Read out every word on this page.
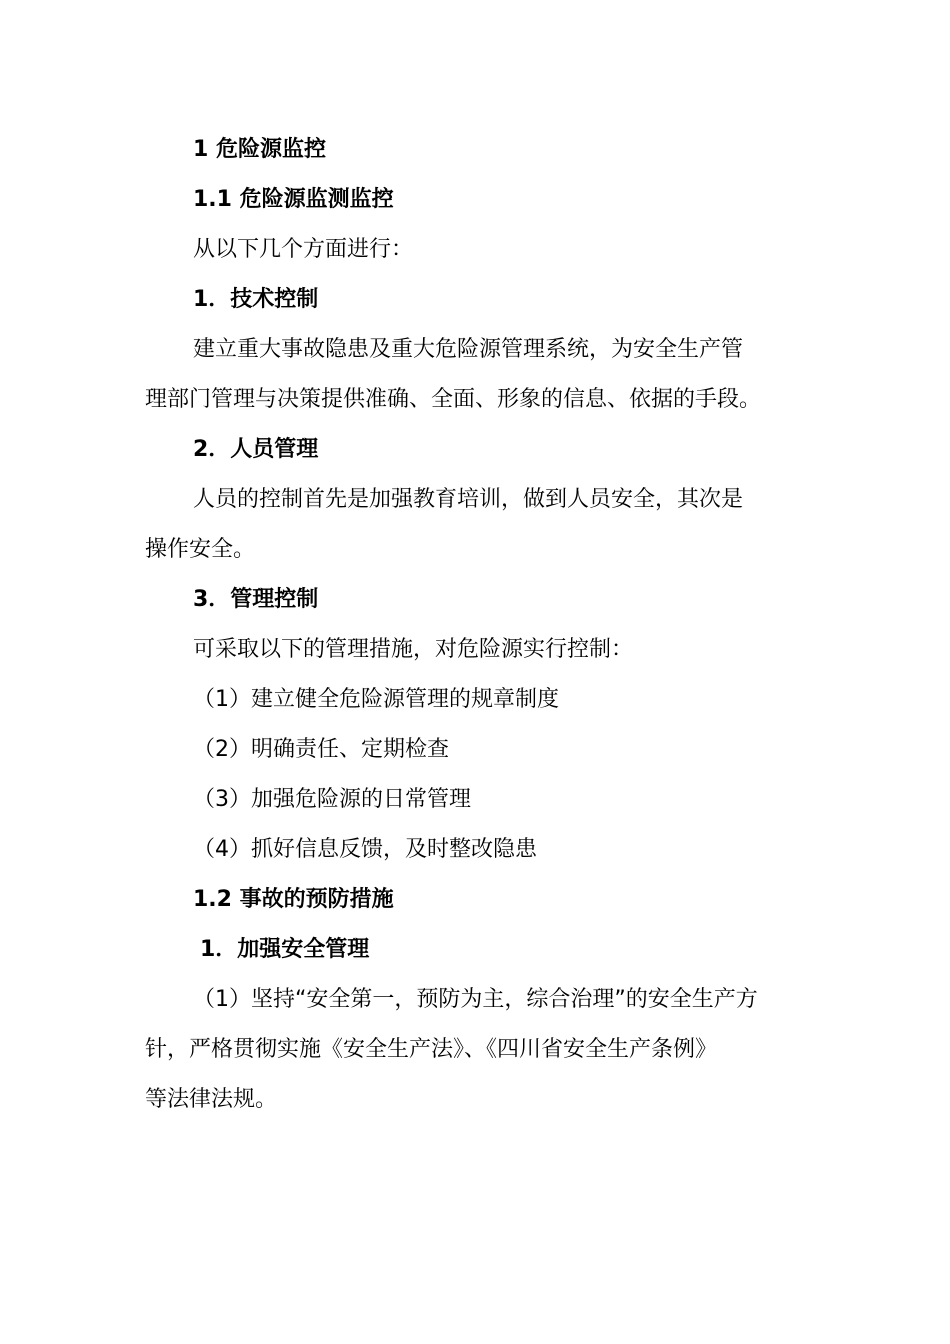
1 危险源监控
1.1 危险源监测监控
从以下几个方面进行：
1．技术控制
建立重大事故隐患及重大危险源管理系统，为安全生产管
理部门管理与决策提供准确、全面、形象的信息、依据的手段。
2．人员管理
人员的控制首先是加强教育培训，做到人员安全，其次是
操作安全。
3．管理控制
可采取以下的管理措施，对危险源实行控制：
（1）建立健全危险源管理的规章制度
（2）明确责任、定期检查
（3）加强危险源的日常管理
（4）抓好信息反馈，及时整改隐患
1.2 事故的预防措施
1．加强安全管理
（1）坚持“安全第一，预防为主，综合治理”的安全生产方
针，严格贯彻实施《安全生产法》、《四川省安全生产条例》
等法律法规。
